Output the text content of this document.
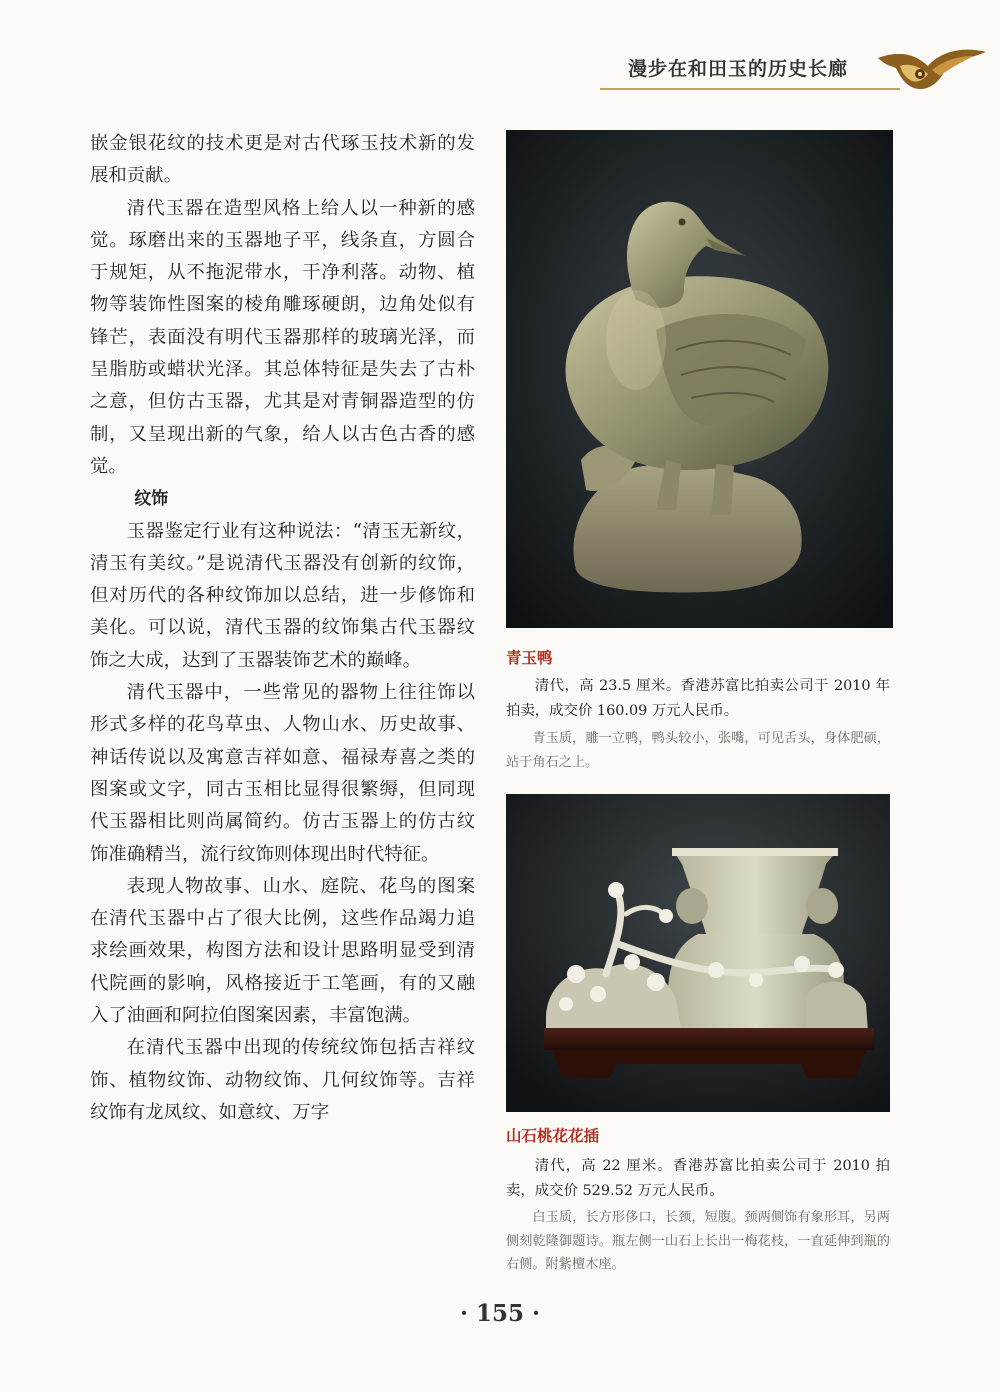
漫步在和田玉的历史长廊

嵌金银花纹的技术更是对古代琢玉技术新的发展和贡献。

清代玉器在造型风格上给人以一种新的感觉。琢磨出来的玉器地子平，线条直，方圆合于规矩，从不拖泥带水，干净利落。动物、植物等装饰性图案的棱角雕琢硬朗，边角处似有锋芒，表面没有明代玉器那样的玻璃光泽，而呈脂肪或蜡状光泽。其总体特征是失去了古朴之意，但仿古玉器，尤其是对青铜器造型的仿制，又呈现出新的气象，给人以古色古香的感觉。

纹饰

玉器鉴定行业有这种说法：“清玉无新纹，清玉有美纹。”是说清代玉器没有创新的纹饰，但对历代的各种纹饰加以总结，进一步修饰和美化。可以说，清代玉器的纹饰集古代玉器纹饰之大成，达到了玉器装饰艺术的巅峰。

清代玉器中，一些常见的器物上往往饰以形式多样的花鸟草虫、人物山水、历史故事、神话传说以及寓意吉祥如意、福禄寿喜之类的图案或文字，同古玉相比显得很繁缛，但同现代玉器相比则尚属简约。仿古玉器上的仿古纹饰准确精当，流行纹饰则体现出时代特征。

表现人物故事、山水、庭院、花鸟的图案在清代玉器中占了很大比例，这些作品竭力追求绘画效果，构图方法和设计思路明显受到清代院画的影响，风格接近于工笔画，有的又融入了油画和阿拉伯图案因素，丰富饱满。

在清代玉器中出现的传统纹饰包括吉祥纹饰、植物纹饰、动物纹饰、几何纹饰等。吉祥纹饰有龙凤纹、如意纹、万字

青玉鸭
清代，高 23.5 厘米。香港苏富比拍卖公司于 2010 年拍卖，成交价 160.09 万元人民币。
青玉质，雕一立鸭，鸭头较小，张嘴，可见舌头，身体肥硕，站于角石之上。
山石桃花花插
清代，高 22 厘米。香港苏富比拍卖公司于 2010 拍卖，成交价 529.52 万元人民币。
白玉质，长方形侈口，长颈，短腹。颈两侧饰有象形耳，另两侧刻乾隆御题诗。瓶左侧一山石上长出一梅花枝，一直延伸到瓶的右侧。附紫檀木座。
· 155 ·
